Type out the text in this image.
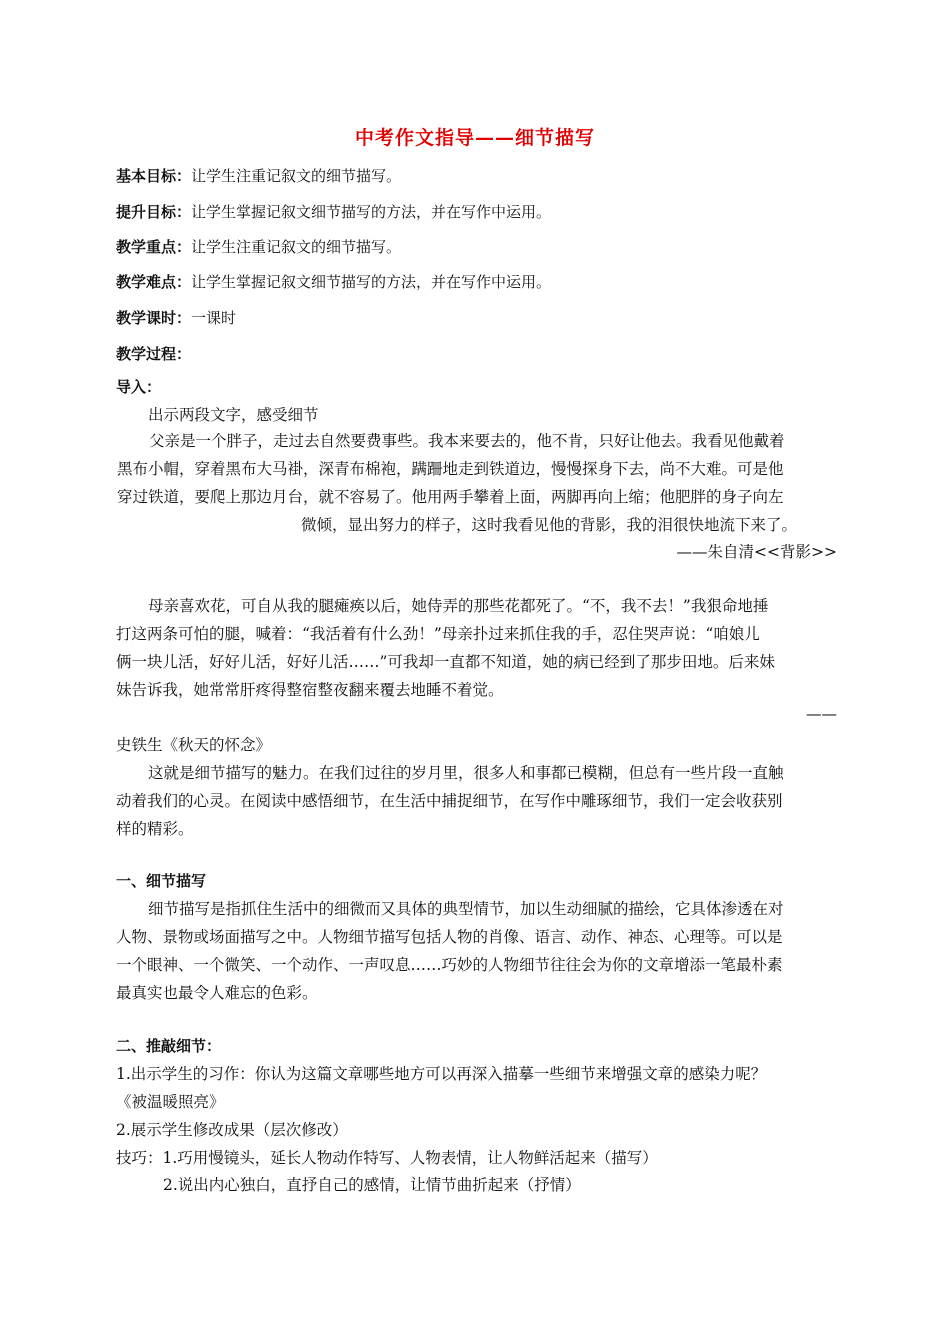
中考作文指导——细节描写
基本目标：让学生注重记叙文的细节描写。
提升目标：让学生掌握记叙文细节描写的方法，并在写作中运用。
教学重点：让学生注重记叙文的细节描写。
教学难点：让学生掌握记叙文细节描写的方法，并在写作中运用。
教学课时：一课时
教学过程：
导入：
出示两段文字，感受细节
父亲是一个胖子，走过去自然要费事些。我本来要去的，他不肯，只好让他去。我看见他戴着
黑布小帽，穿着黑布大马褂，深青布棉袍，蹒跚地走到铁道边，慢慢探身下去，尚不大难。可是他
穿过铁道，要爬上那边月台，就不容易了。他用两手攀着上面，两脚再向上缩；他肥胖的身子向左
微倾，显出努力的样子，这时我看见他的背影，我的泪很快地流下来了。
——朱自清<<背影>>
母亲喜欢花，可自从我的腿瘫痪以后，她侍弄的那些花都死了。“不，我不去！”我狠命地捶
打这两条可怕的腿，喊着：“我活着有什么劲！”母亲扑过来抓住我的手，忍住哭声说：“咱娘儿
俩一块儿活，好好儿活，好好儿活……”可我却一直都不知道，她的病已经到了那步田地。后来妹
妹告诉我，她常常肝疼得整宿整夜翻来覆去地睡不着觉。
——
史铁生《秋天的怀念》
这就是细节描写的魅力。在我们过往的岁月里，很多人和事都已模糊，但总有一些片段一直触
动着我们的心灵。在阅读中感悟细节，在生活中捕捉细节，在写作中雕琢细节，我们一定会收获别
样的精彩。
一、细节描写
细节描写是指抓住生活中的细微而又具体的典型情节，加以生动细腻的描绘，它具体渗透在对
人物、景物或场面描写之中。人物细节描写包括人物的肖像、语言、动作、神态、心理等。可以是
一个眼神、一个微笑、一个动作、一声叹息……巧妙的人物细节往往会为你的文章增添一笔最朴素
最真实也最令人难忘的色彩。
二、推敲细节：
1.出示学生的习作：你认为这篇文章哪些地方可以再深入描摹一些细节来增强文章的感染力呢？
《被温暖照亮》
2.展示学生修改成果（层次修改）
技巧：1.巧用慢镜头，延长人物动作特写、人物表情，让人物鲜活起来（描写）
2.说出内心独白，直抒自己的感情，让情节曲折起来（抒情）
